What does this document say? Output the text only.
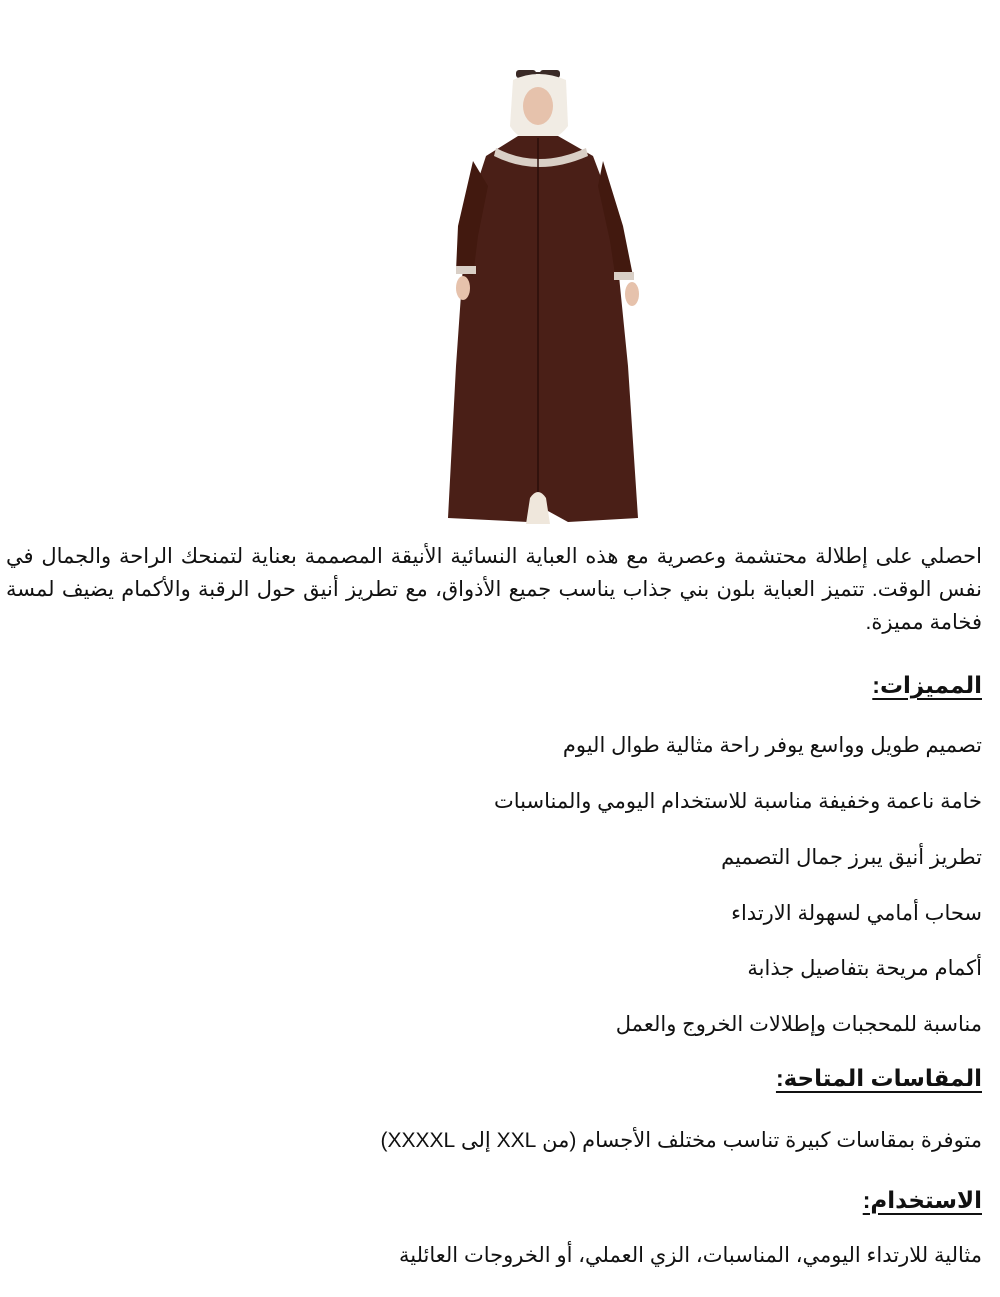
احصلي على إطلالة محتشمة وعصرية مع هذه العباية النسائية الأنيقة المصممة بعناية لتمنحك الراحة والجمال في نفس الوقت. تتميز العباية بلون بني جذاب يناسب جميع الأذواق، مع تطريز أنيق حول الرقبة والأكمام يضيف لمسة فخامة مميزة.

المميزات:

تصميم طويل وواسع يوفر راحة مثالية طوال اليوم

خامة ناعمة وخفيفة مناسبة للاستخدام اليومي والمناسبات

تطريز أنيق يبرز جمال التصميم

سحاب أمامي لسهولة الارتداء

أكمام مريحة بتفاصيل جذابة

مناسبة للمحجبات وإطلالات الخروج والعمل

المقاسات المتاحة:

متوفرة بمقاسات كبيرة تناسب مختلف الأجسام (من XXL إلى XXXXL)

الاستخدام:

مثالية للارتداء اليومي، المناسبات، الزي العملي، أو الخروجات العائلية
